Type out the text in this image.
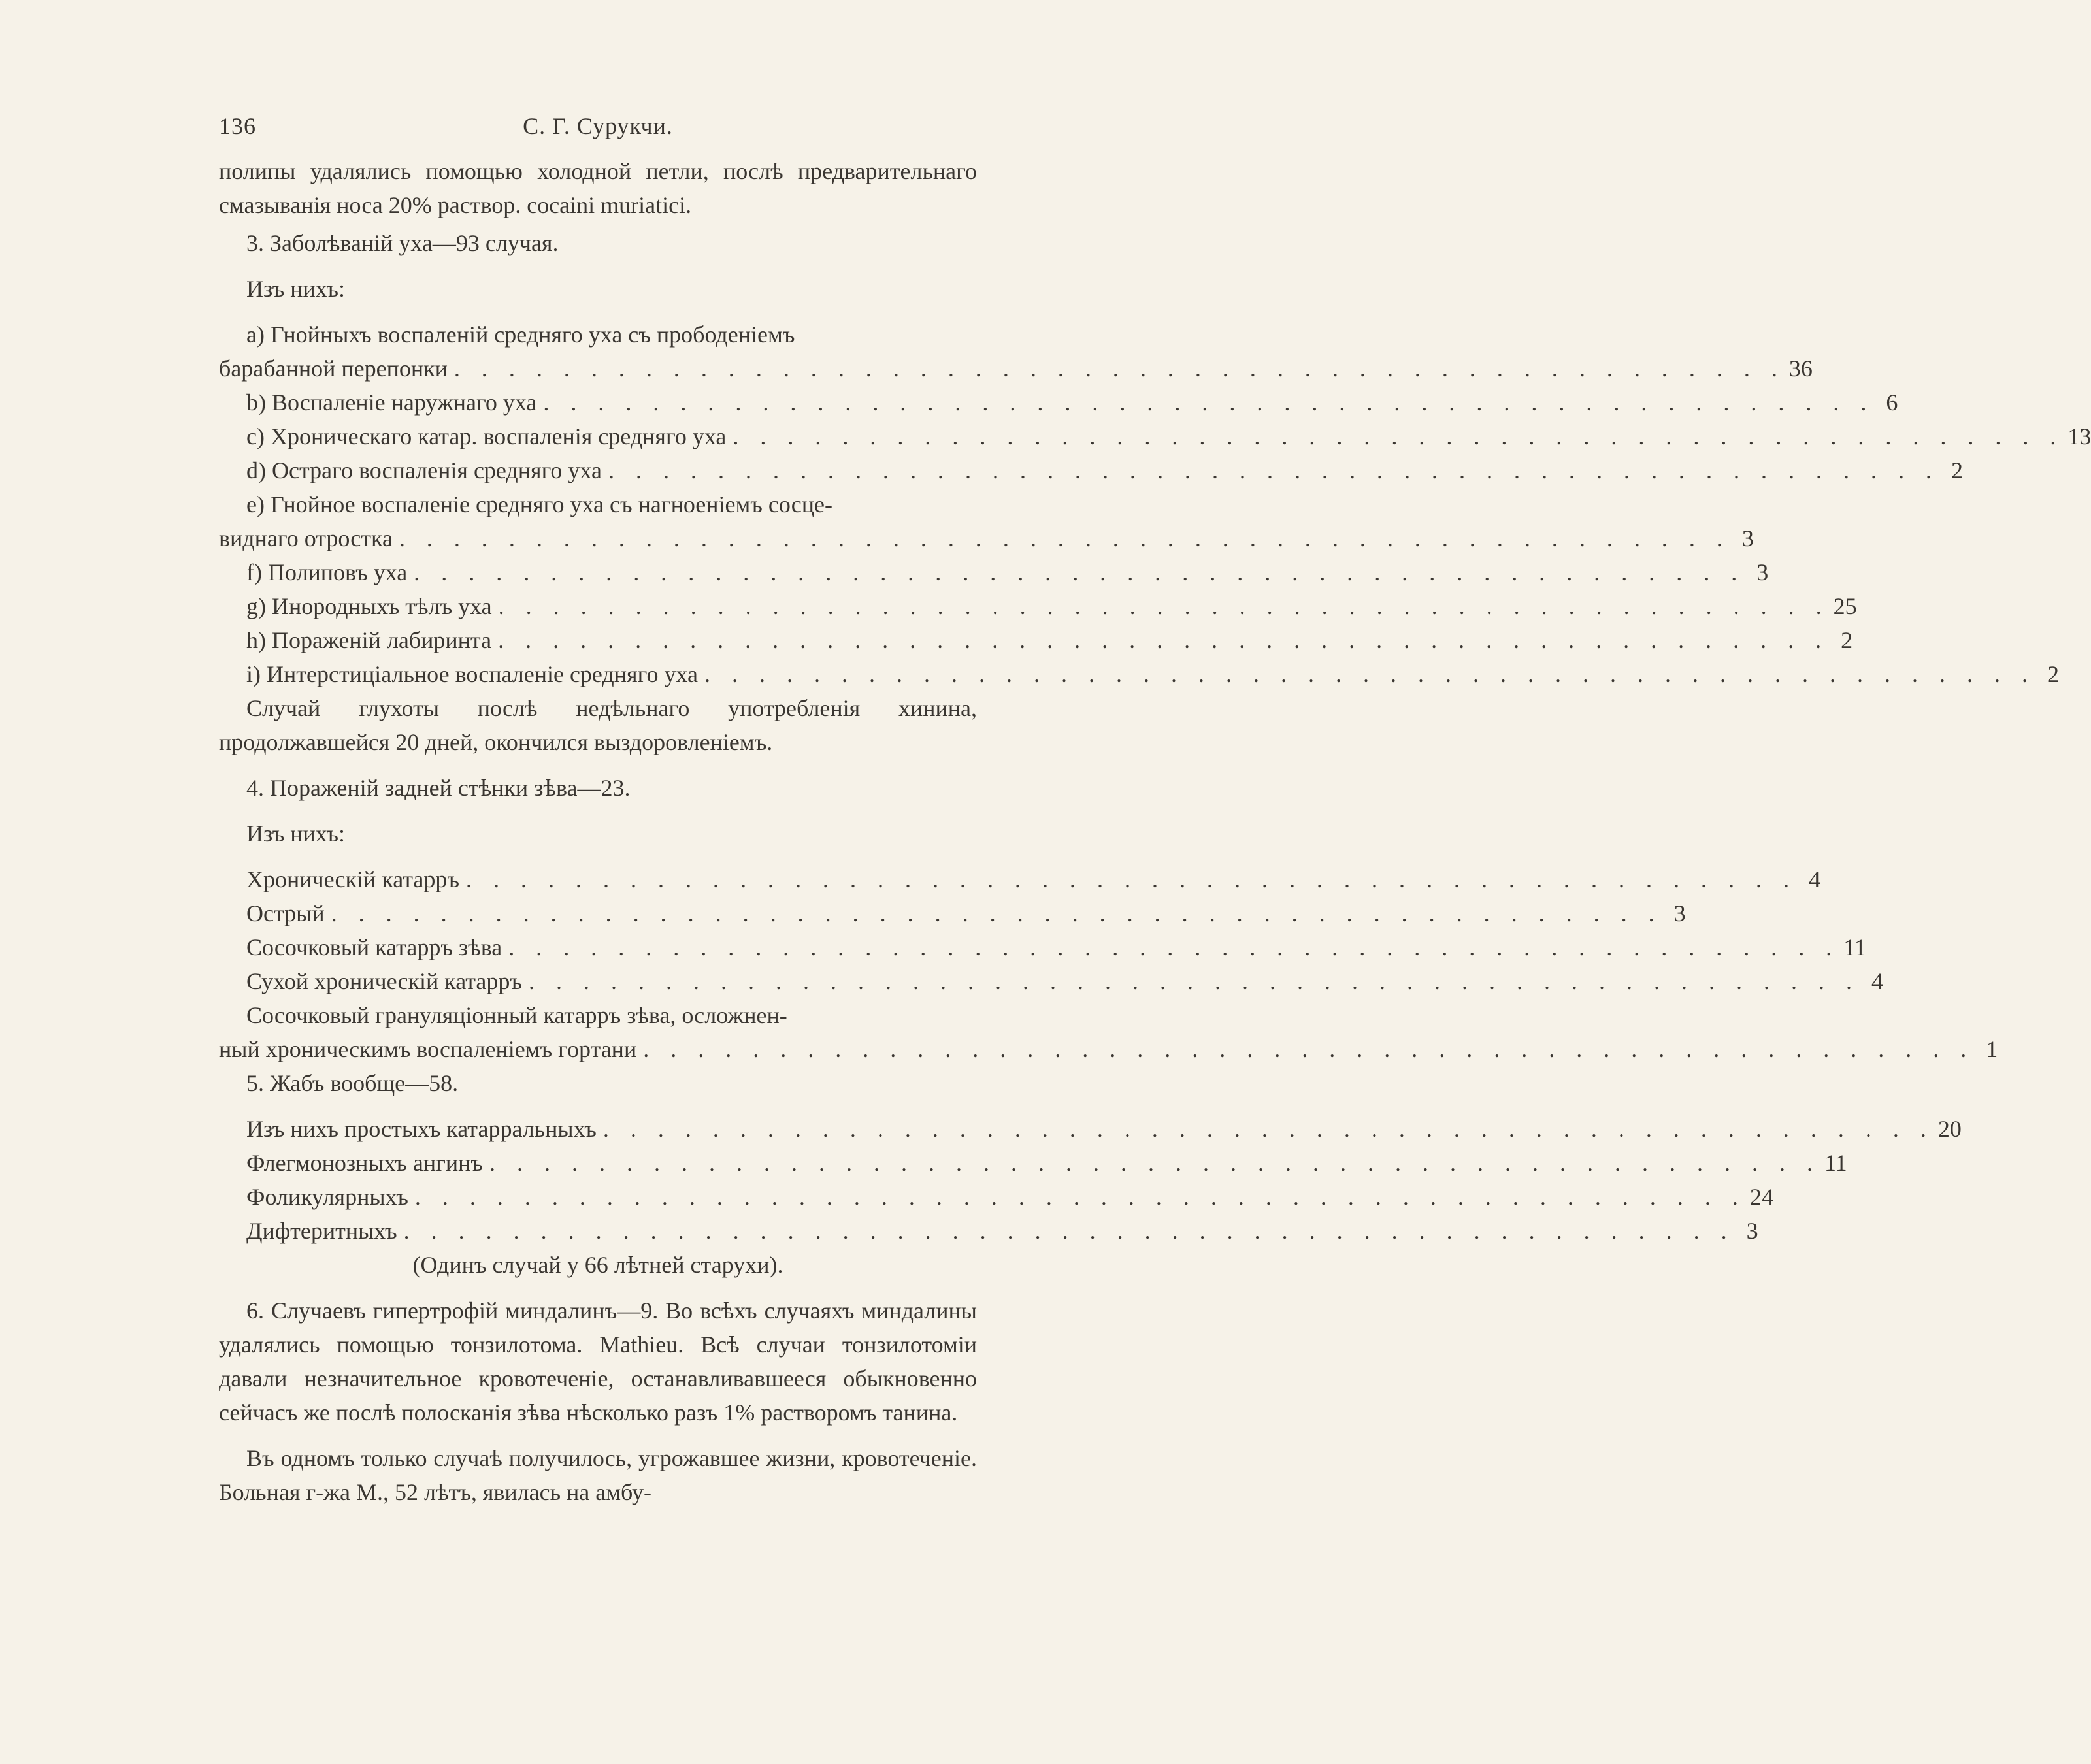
136	С. Г. Сурукчи.
полипы удалялись помощью холодной петли, послѣ предварительнаго смазыванія носа 20% раствор. cocaini muriatici.
3. Заболѣваній уха—93 случая.
Изъ нихъ:
a) Гнойныхъ воспаленій средняго уха съ прободеніемъ
барабанной перепонки . . . . . . . . . . . . . . . . . . . . . . . . . . . . . . . . . . . . . . . . . . . . . . . . . 36
b) Воспаленіе наружнаго уха . . . . . . . . . . . . . . . . . . . . . . . . . . . . . . . . . . . . . . . . . . . . . . . . . 6
c) Хроническаго катар. воспаленія средняго уха . . . . . . . . . . . . . . . . . . . . . . . . . . . . . . . . . . . . . . . . . . . . . . . . . 13
d) Остраго воспаленія средняго уха . . . . . . . . . . . . . . . . . . . . . . . . . . . . . . . . . . . . . . . . . . . . . . . . . 2
e) Гнойное воспаленіе средняго уха съ нагноеніемъ сосце-
виднаго отростка . . . . . . . . . . . . . . . . . . . . . . . . . . . . . . . . . . . . . . . . . . . . . . . . . 3
f) Полиповъ уха . . . . . . . . . . . . . . . . . . . . . . . . . . . . . . . . . . . . . . . . . . . . . . . . . 3
g) Инородныхъ тѣлъ уха . . . . . . . . . . . . . . . . . . . . . . . . . . . . . . . . . . . . . . . . . . . . . . . . . 25
h) Пораженій лабиринта . . . . . . . . . . . . . . . . . . . . . . . . . . . . . . . . . . . . . . . . . . . . . . . . . 2
i) Интерстиціальное воспаленіе средняго уха . . . . . . . . . . . . . . . . . . . . . . . . . . . . . . . . . . . . . . . . . . . . . . . . . 2
Случай глухоты послѣ недѣльнаго употребленія хинина, продолжавшейся 20 дней, окончился выздоровленіемъ.
4. Пораженій задней стѣнки зѣва—23.
Изъ нихъ:
Хроническій катарръ . . . . . . . . . . . . . . . . . . . . . . . . . . . . . . . . . . . . . . . . . . . . . . . . . 4
Острый . . . . . . . . . . . . . . . . . . . . . . . . . . . . . . . . . . . . . . . . . . . . . . . . . 3
Сосочковый катарръ зѣва . . . . . . . . . . . . . . . . . . . . . . . . . . . . . . . . . . . . . . . . . . . . . . . . . 11
Сухой хроническій катарръ . . . . . . . . . . . . . . . . . . . . . . . . . . . . . . . . . . . . . . . . . . . . . . . . . 4
Сосочковый грануляціонный катарръ зѣва, осложнен-
ный хроническимъ воспаленіемъ гортани . . . . . . . . . . . . . . . . . . . . . . . . . . . . . . . . . . . . . . . . . . . . . . . . . 1
5. Жабъ вообще—58.
Изъ нихъ простыхъ катарральныхъ . . . . . . . . . . . . . . . . . . . . . . . . . . . . . . . . . . . . . . . . . . . . . . . . . 20
Флегмонозныхъ ангинъ . . . . . . . . . . . . . . . . . . . . . . . . . . . . . . . . . . . . . . . . . . . . . . . . . 11
Фоликулярныхъ . . . . . . . . . . . . . . . . . . . . . . . . . . . . . . . . . . . . . . . . . . . . . . . . . 24
Дифтеритныхъ . . . . . . . . . . . . . . . . . . . . . . . . . . . . . . . . . . . . . . . . . . . . . . . . . 3
(Одинъ случай у 66 лѣтней старухи).
6. Случаевъ гипертрофій миндалинъ—9. Во всѣхъ случаяхъ миндалины удалялись помощью тонзилотома. Mathieu. Всѣ случаи тонзилотоміи давали незначительное кровотеченіе, останавливавшееся обыкновенно сейчасъ же послѣ полосканія зѣва нѣсколько разъ 1% растворомъ танина.
Въ одномъ только случаѣ получилось, угрожавшее жизни, кровотеченіе. Больная г-жа М., 52 лѣтъ, явилась на амбу-
